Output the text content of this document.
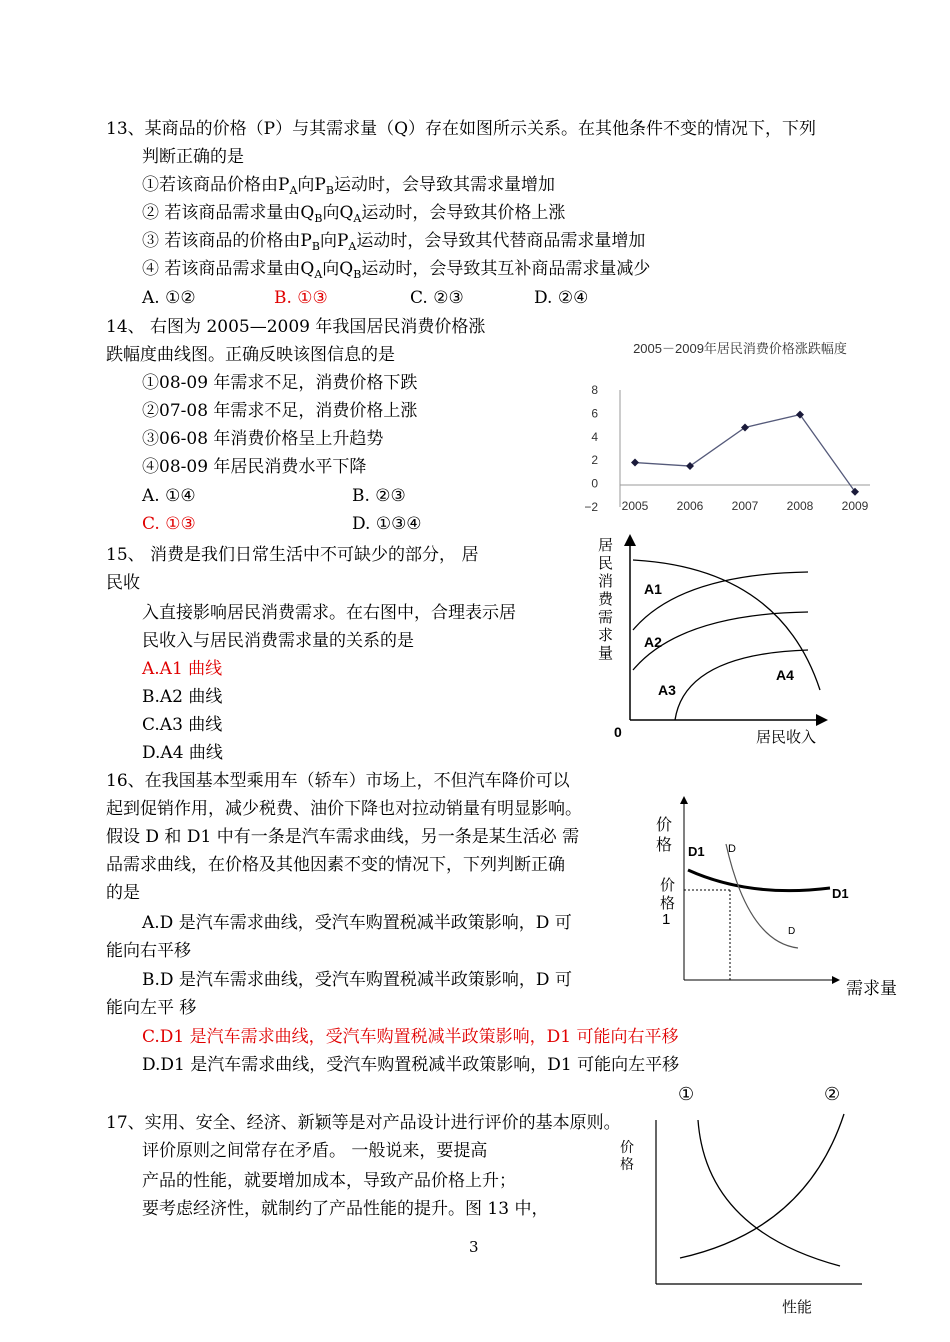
13、某商品的价格（P）与其需求量（Q）存在如图所示关系。在其他条件不变的情况下，下列
判断正确的是
①若该商品价格由$P_A$向$P_B$运动时，会导致其需求量增加
② 若该商品需求量由$Q_B$向$Q_A$运动时，会导致其价格上涨
③ 若该商品的价格由$P_B$向$P_A$运动时，会导致其代替商品需求量增加
④ 若该商品需求量由$Q_A$向$Q_B$运动时，会导致其互补商品需求量减少
A. ①②	B. ①③	C. ②③	D. ②④
14、 右图为 2005—2009 年我国居民消费价格涨
跌幅度曲线图。正确反映该图信息的是
①08-09 年需求不足，消费价格下跌
②07-08 年需求不足，消费价格上涨
③06-08 年消费价格呈上升趋势
④08-09 年居民消费水平下降
A. ①④	B. ②③
C. ①③	D. ①③④
2005－2009年居民消费价格涨跌幅度
8
6
4
2
0
−2 2005 2006 2007 2008 2009
15、 消费是我们日常生活中不可缺少的部分， 居
民收
入直接影响居民消费需求。在右图中，合理表示居
民收入与居民消费需求量的关系的是
A.A1 曲线
B.A2 曲线
C.A3 曲线
D.A4 曲线
居
民
消
费
需
求
量
0	居民收入
A1
A2
A3
A4
16、在我国基本型乘用车（轿车）市场上，不但汽车降价可以
起到促销作用，减少税费、油价下降也对拉动销量有明显影响。
假设 D 和 D1 中有一条是汽车需求曲线，另一条是某生活必 需
品需求曲线，在价格及其他因素不变的情况下，下列判断正确
的是
A.D 是汽车需求曲线，受汽车购置税减半政策影响，D 可
能向右平移
B.D 是汽车需求曲线，受汽车购置税减半政策影响，D 可
能向左平 移
C.D1 是汽车需求曲线，受汽车购置税减半政策影响，D1 可能向右平移
D.D1 是汽车需求曲线，受汽车购置税减半政策影响，D1 可能向左平移
价
格
价
格
1
D1 D
D1
D
需求量
17、实用、安全、经济、新颖等是对产品设计进行评价的基本原则。
评价原则之间常存在矛盾。 一般说来，要提高
产品的性能，就要增加成本，导致产品价格上升；
要考虑经济性，就制约了产品性能的提升。图 13 中，
①	②
价
格
性能
3
